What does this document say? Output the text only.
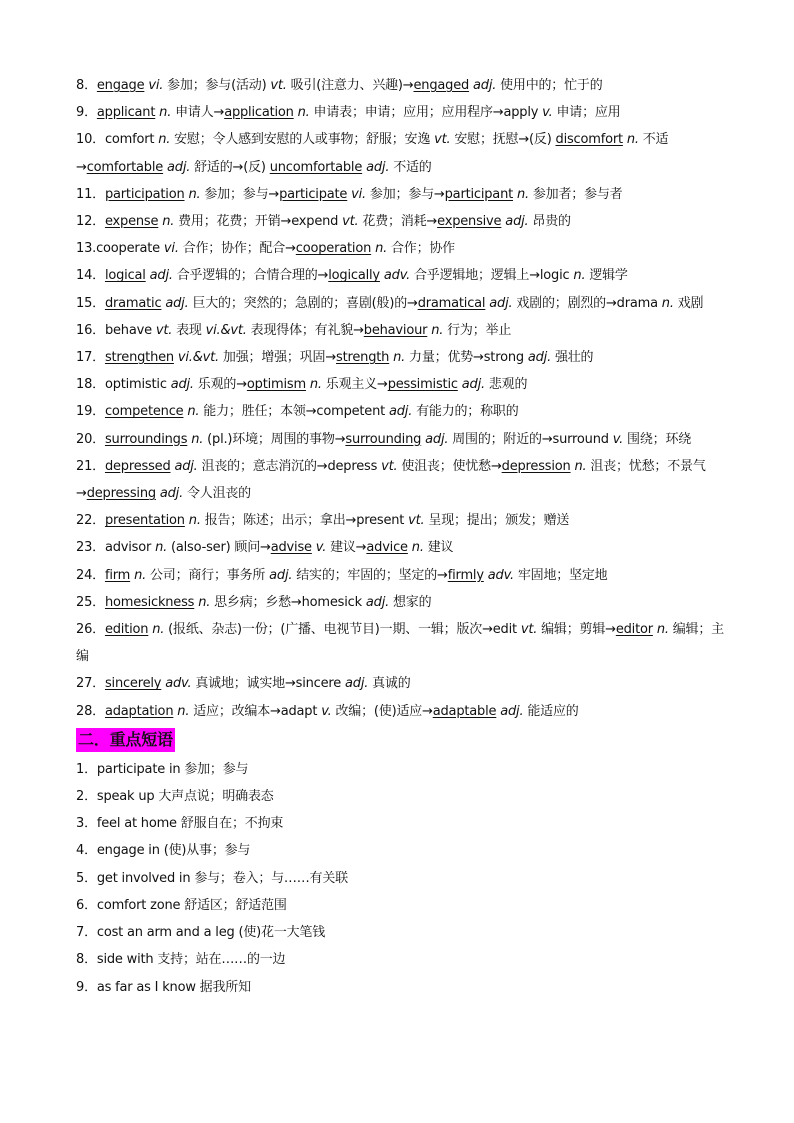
8．engage vi. 参加；参与(活动) vt. 吸引(注意力、兴趣)→engaged adj. 使用中的；忙于的

9．applicant n. 申请人→application n. 申请表；申请；应用；应用程序→apply v. 申请；应用

10．comfort n. 安慰；令人感到安慰的人或事物；舒服；安逸 vt. 安慰；抚慰→(反) discomfort n. 不适→comfortable adj. 舒适的→(反) uncomfortable adj. 不适的

11．participation n. 参加；参与→participate vi. 参加；参与→participant n. 参加者；参与者

12．expense n. 费用；花费；开销→expend vt. 花费；消耗→expensive adj. 昂贵的

13.cooperate vi. 合作；协作；配合→cooperation n. 合作；协作

14．logical adj. 合乎逻辑的；合情合理的→logically adv. 合乎逻辑地；逻辑上→logic n. 逻辑学

15．dramatic adj. 巨大的；突然的；急剧的；喜剧(般)的→dramatical adj. 戏剧的；剧烈的→drama n. 戏剧

16．behave vt. 表现 vi.&vt. 表现得体；有礼貌→behaviour n. 行为；举止

17．strengthen vi.&vt. 加强；增强；巩固→strength n. 力量；优势→strong adj. 强壮的

18．optimistic adj. 乐观的→optimism n. 乐观主义→pessimistic adj. 悲观的

19．competence n. 能力；胜任；本领→competent adj. 有能力的；称职的

20．surroundings n. (pl.)环境；周围的事物→surrounding adj. 周围的；附近的→surround v. 围绕；环绕

21．depressed adj. 沮丧的；意志消沉的→depress vt. 使沮丧；使忧愁→depression n. 沮丧；忧愁；不景气→depressing adj. 令人沮丧的

22．presentation n. 报告；陈述；出示；拿出→present vt. 呈现；提出；颁发；赠送

23．advisor n. (also-ser) 顾问→advise v. 建议→advice n. 建议

24．firm n. 公司；商行；事务所 adj. 结实的；牢固的；坚定的→firmly adv. 牢固地；坚定地

25．homesickness n. 思乡病；乡愁→homesick adj. 想家的

26．edition n. (报纸、杂志)一份；(广播、电视节目)一期、一辑；版次→edit vt. 编辑；剪辑→editor n. 编辑；主编

27．sincerely adv. 真诚地；诚实地→sincere adj. 真诚的

28．adaptation n. 适应；改编本→adapt v. 改编；(使)适应→adaptable adj. 能适应的

二．重点短语

1．participate in 参加；参与

2．speak up 大声点说；明确表态

3．feel at home 舒服自在；不拘束

4．engage in (使)从事；参与

5．get involved in 参与；卷入；与……有关联

6．comfort zone 舒适区；舒适范围

7．cost an arm and a leg (使)花一大笔钱

8．side with 支持；站在……的一边

9．as far as I know 据我所知
